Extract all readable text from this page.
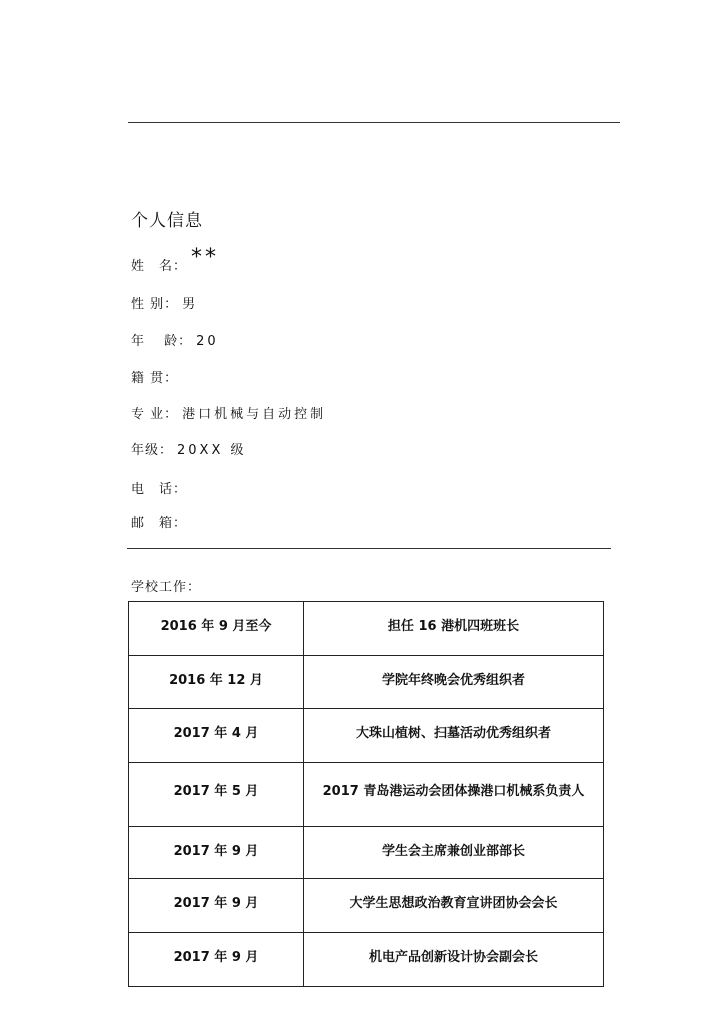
个人信息
姓　名： **
性 别： 男
年　 龄： 20
籍 贯：
专 业： 港口机械与自动控制
年级： 20XX 级
电　话：
邮　箱：
学校工作：
2016 年 9 月至今	担任 16 港机四班班长

2016 年 12 月	学院年终晚会优秀组织者

2017 年 4 月	大珠山植树、扫墓活动优秀组织者

2017 年 5 月	2017 青岛港运动会团体操港口机械系负责人

2017 年 9 月	学生会主席兼创业部部长

2017 年 9 月	大学生思想政治教育宣讲团协会会长

2017 年 9 月	机电产品创新设计协会副会长
